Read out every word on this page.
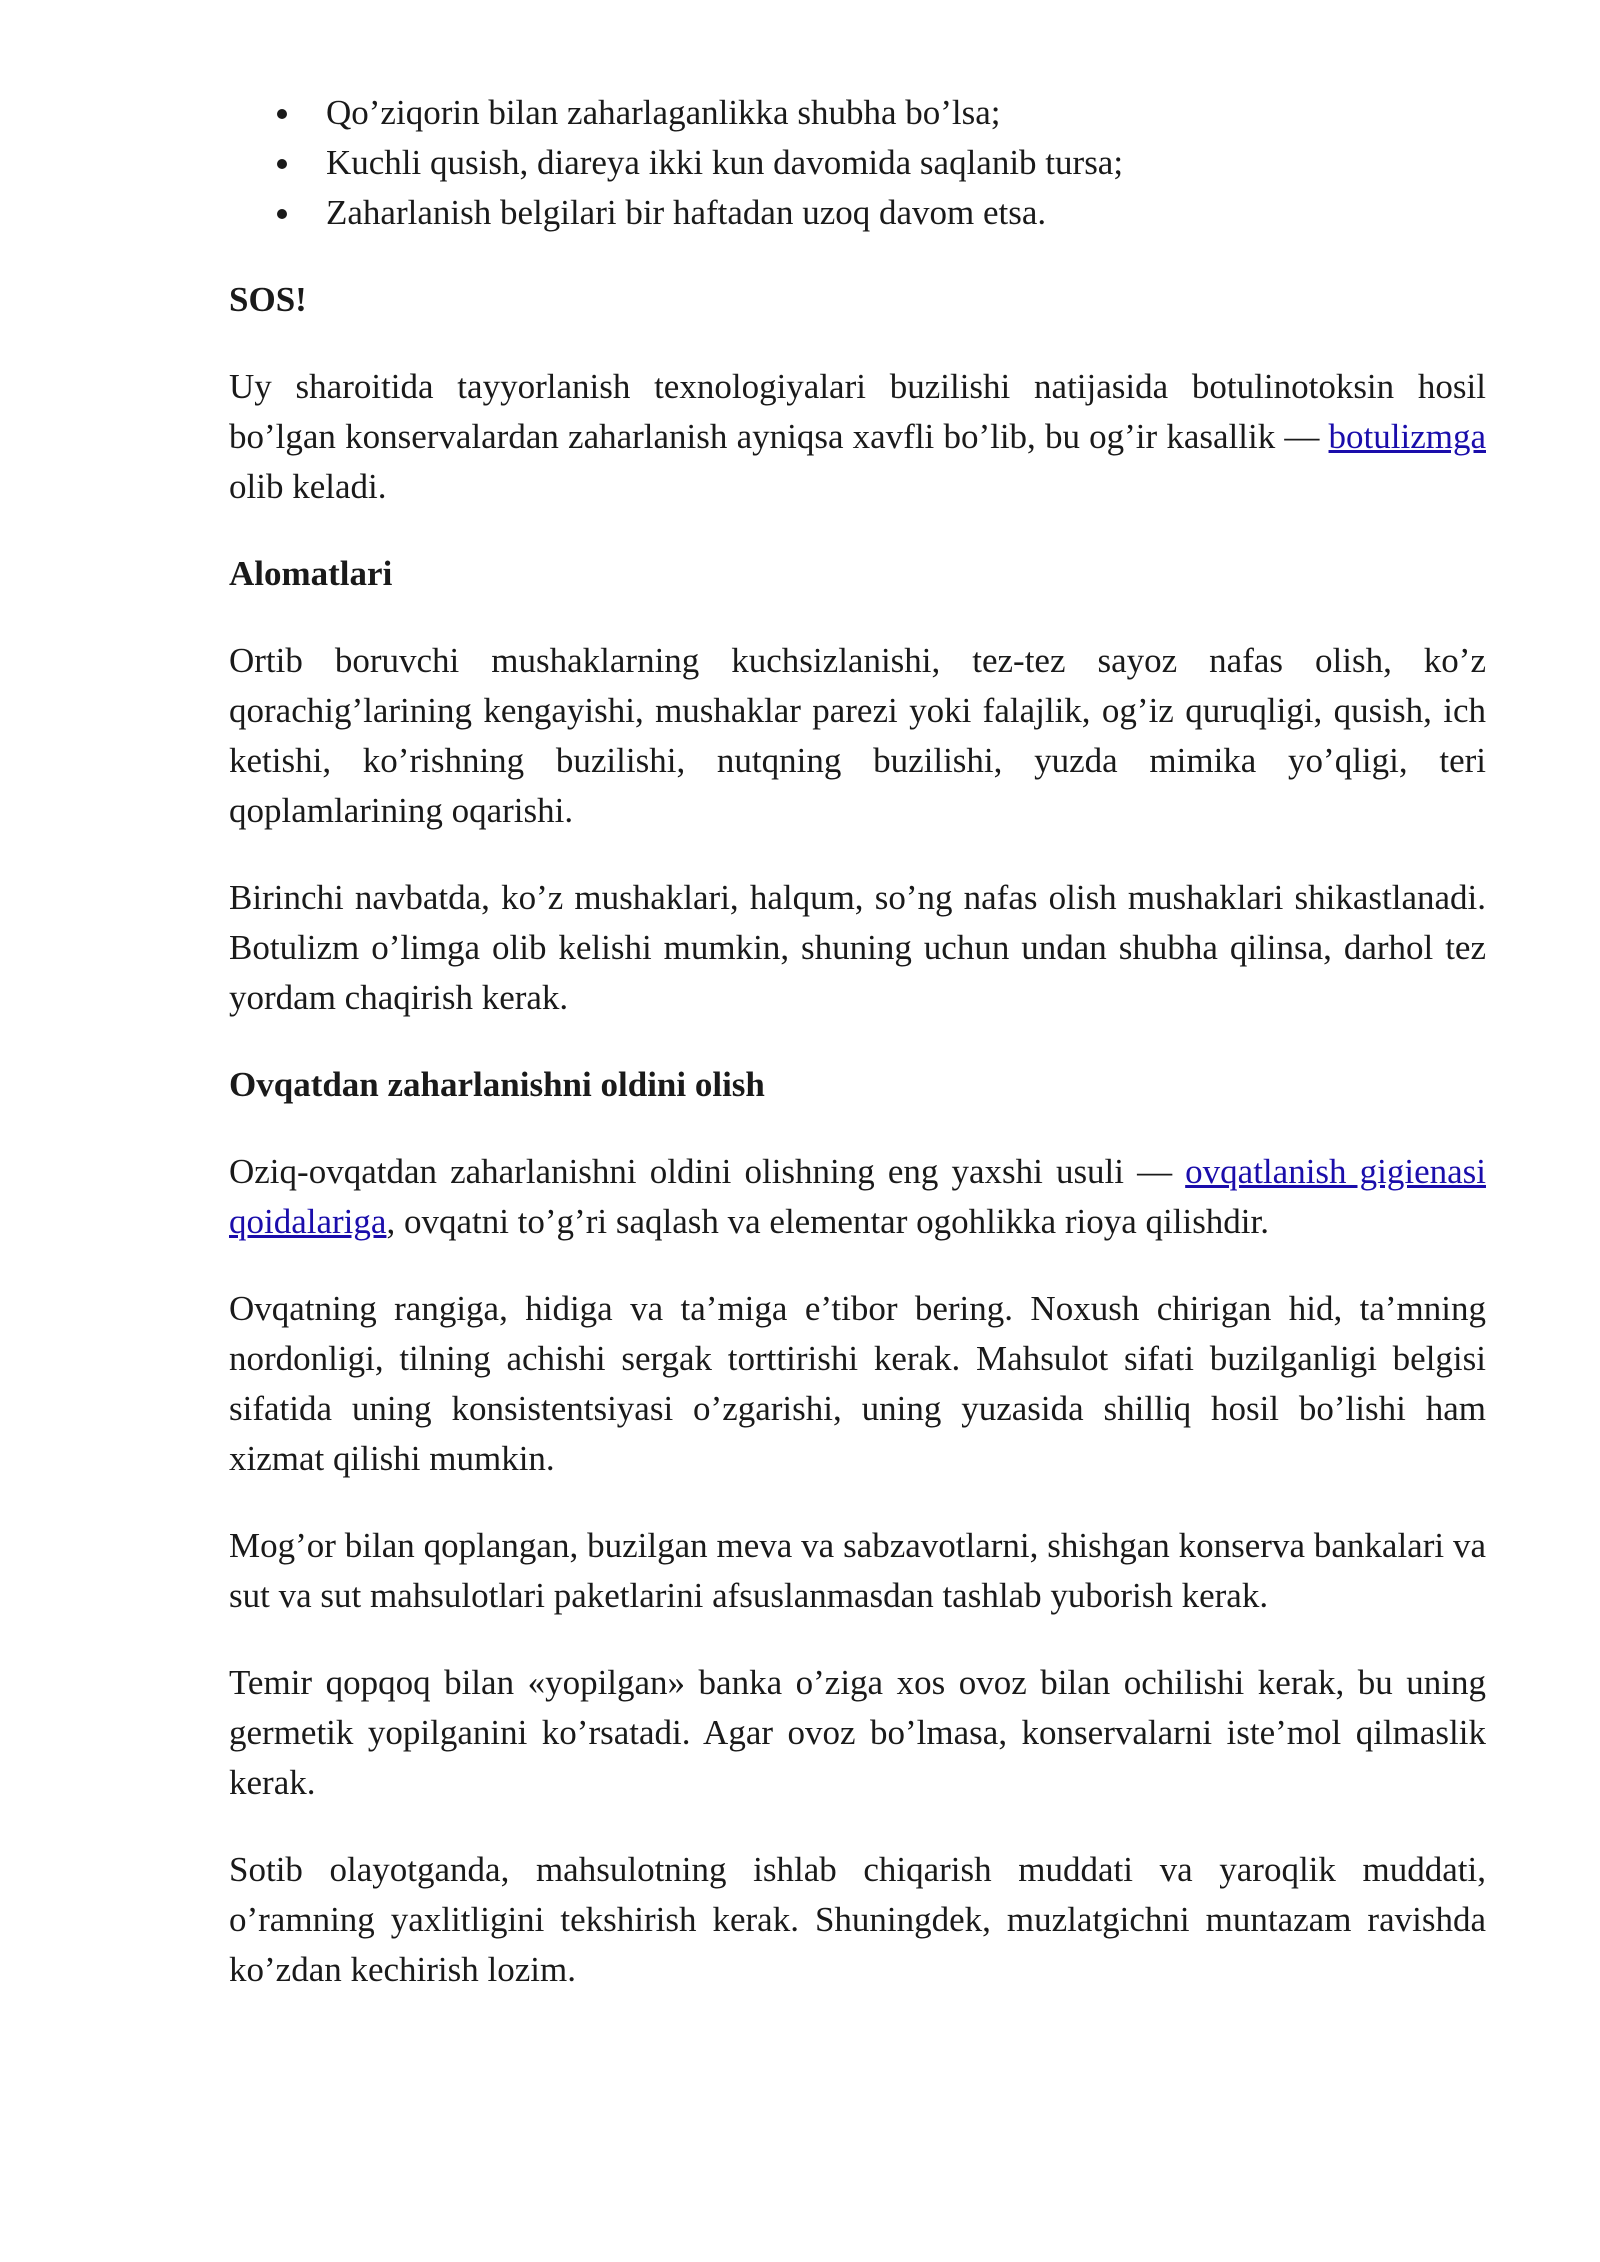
Qo’ziqorin bilan zaharlaganlikka shubha bo’lsa;
Kuchli qusish, diareya ikki kun davomida saqlanib tursa;
Zaharlanish belgilari bir haftadan uzoq davom etsa.

SOS!

Uy sharoitida tayyorlanish texnologiyalari buzilishi natijasida botulinotoksin hosil bo’lgan konservalardan zaharlanish ayniqsa xavfli bo’lib, bu og’ir kasallik — botulizmga olib keladi.

Alomatlari

Ortib boruvchi mushaklarning kuchsizlanishi, tez-tez sayoz nafas olish, ko’z qorachig’larining kengayishi, mushaklar parezi yoki falajlik, og’iz quruqligi, qusish, ich ketishi, ko’rishning buzilishi, nutqning buzilishi, yuzda mimika yo’qligi, teri qoplamlarining oqarishi.

Birinchi navbatda, ko’z mushaklari, halqum, so’ng nafas olish mushaklari shikastlanadi. Botulizm o’limga olib kelishi mumkin, shuning uchun undan shubha qilinsa, darhol tez yordam chaqirish kerak.

Ovqatdan zaharlanishni oldini olish

Oziq-ovqatdan zaharlanishni oldini olishning eng yaxshi usuli — ovqatlanish gigienasi qoidalariga, ovqatni to’g’ri saqlash va elementar ogohlikka rioya qilishdir.

Ovqatning rangiga, hidiga va ta’miga e’tibor bering. Noxush chirigan hid, ta’mning nordonligi, tilning achishi sergak torttirishi kerak. Mahsulot sifati buzilganligi belgisi sifatida uning konsistentsiyasi o’zgarishi, uning yuzasida shilliq hosil bo’lishi ham xizmat qilishi mumkin.

Mog’or bilan qoplangan, buzilgan meva va sabzavotlarni, shishgan konserva bankalari va sut va sut mahsulotlari paketlarini afsuslanmasdan tashlab yuborish kerak.

Temir qopqoq bilan «yopilgan» banka o’ziga xos ovoz bilan ochilishi kerak, bu uning germetik yopilganini ko’rsatadi. Agar ovoz bo’lmasa, konservalarni iste’mol qilmaslik kerak.

Sotib olayotganda, mahsulotning ishlab chiqarish muddati va yaroqlik muddati, o’ramning yaxlitligini tekshirish kerak. Shuningdek, muzlatgichni muntazam ravishda ko’zdan kechirish lozim.
